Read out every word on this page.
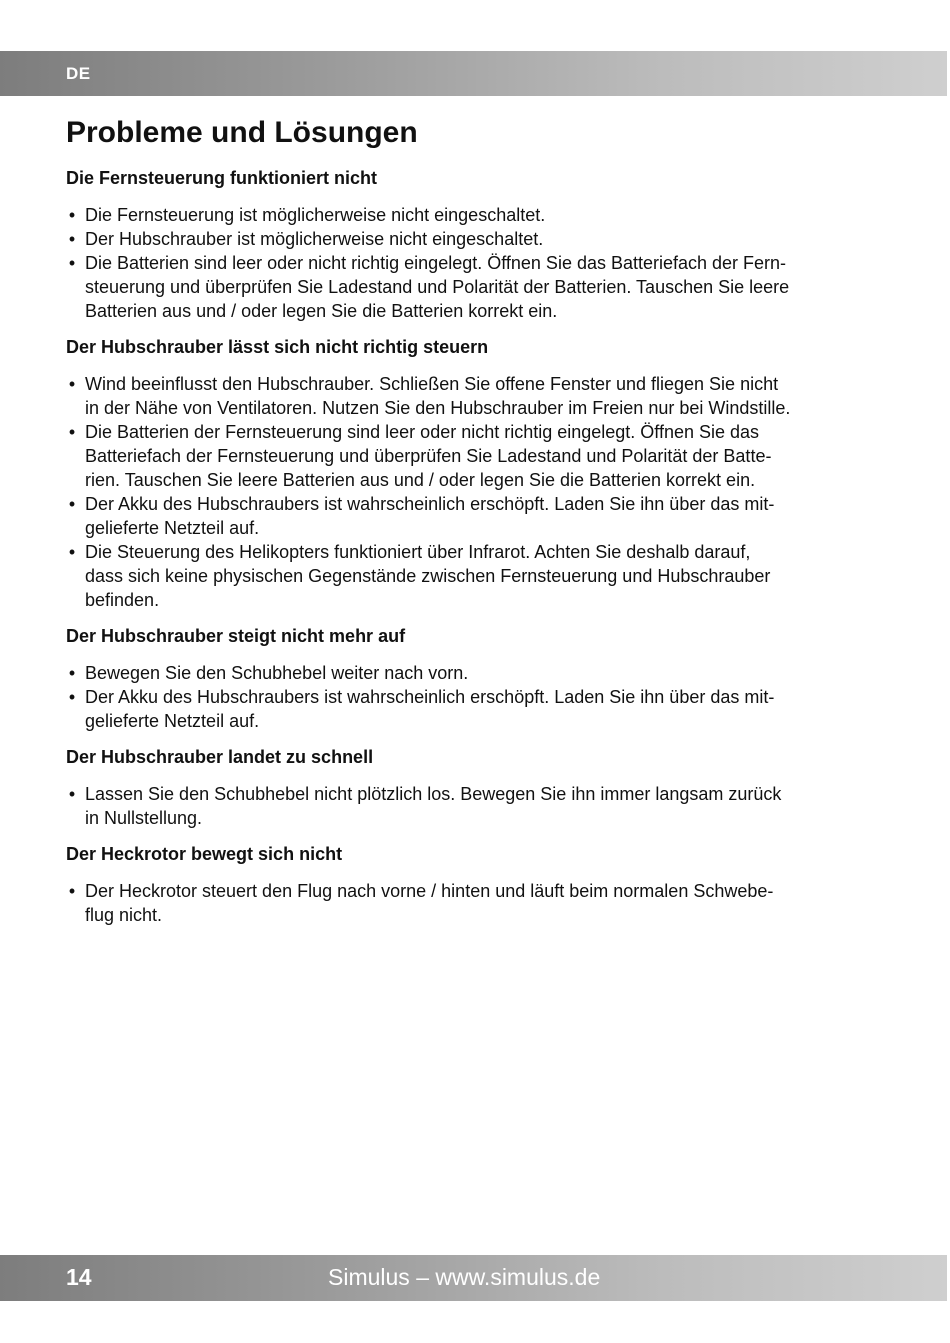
DE
Probleme und Lösungen
Die Fernsteuerung funktioniert nicht
• Die Fernsteuerung ist möglicherweise nicht eingeschaltet.
• Der Hubschrauber ist möglicherweise nicht eingeschaltet.
• Die Batterien sind leer oder nicht richtig eingelegt. Öffnen Sie das Batteriefach der Fern-
steuerung und überprüfen Sie Ladestand und Polarität der Batterien. Tauschen Sie leere
Batterien aus und / oder legen Sie die Batterien korrekt ein.
Der Hubschrauber lässt sich nicht richtig steuern
• Wind beeinflusst den Hubschrauber. Schließen Sie offene Fenster und fliegen Sie nicht
in der Nähe von Ventilatoren. Nutzen Sie den Hubschrauber im Freien nur bei Windstille.
• Die Batterien der Fernsteuerung sind leer oder nicht richtig eingelegt. Öffnen Sie das
Batteriefach der Fernsteuerung und überprüfen Sie Ladestand und Polarität der Batte-
rien. Tauschen Sie leere Batterien aus und / oder legen Sie die Batterien korrekt ein.
• Der Akku des Hubschraubers ist wahrscheinlich erschöpft. Laden Sie ihn über das mit-
gelieferte Netzteil auf.
• Die Steuerung des Helikopters funktioniert über Infrarot. Achten Sie deshalb darauf,
dass sich keine physischen Gegenstände zwischen Fernsteuerung und Hubschrauber
befinden.
Der Hubschrauber steigt nicht mehr auf
• Bewegen Sie den Schubhebel weiter nach vorn.
• Der Akku des Hubschraubers ist wahrscheinlich erschöpft. Laden Sie ihn über das mit-
gelieferte Netzteil auf.
Der Hubschrauber landet zu schnell
• Lassen Sie den Schubhebel nicht plötzlich los. Bewegen Sie ihn immer langsam zurück
in Nullstellung.
Der Heckrotor bewegt sich nicht
• Der Heckrotor steuert den Flug nach vorne / hinten und läuft beim normalen Schwebe-
flug nicht.
14	Simulus – www.simulus.de
